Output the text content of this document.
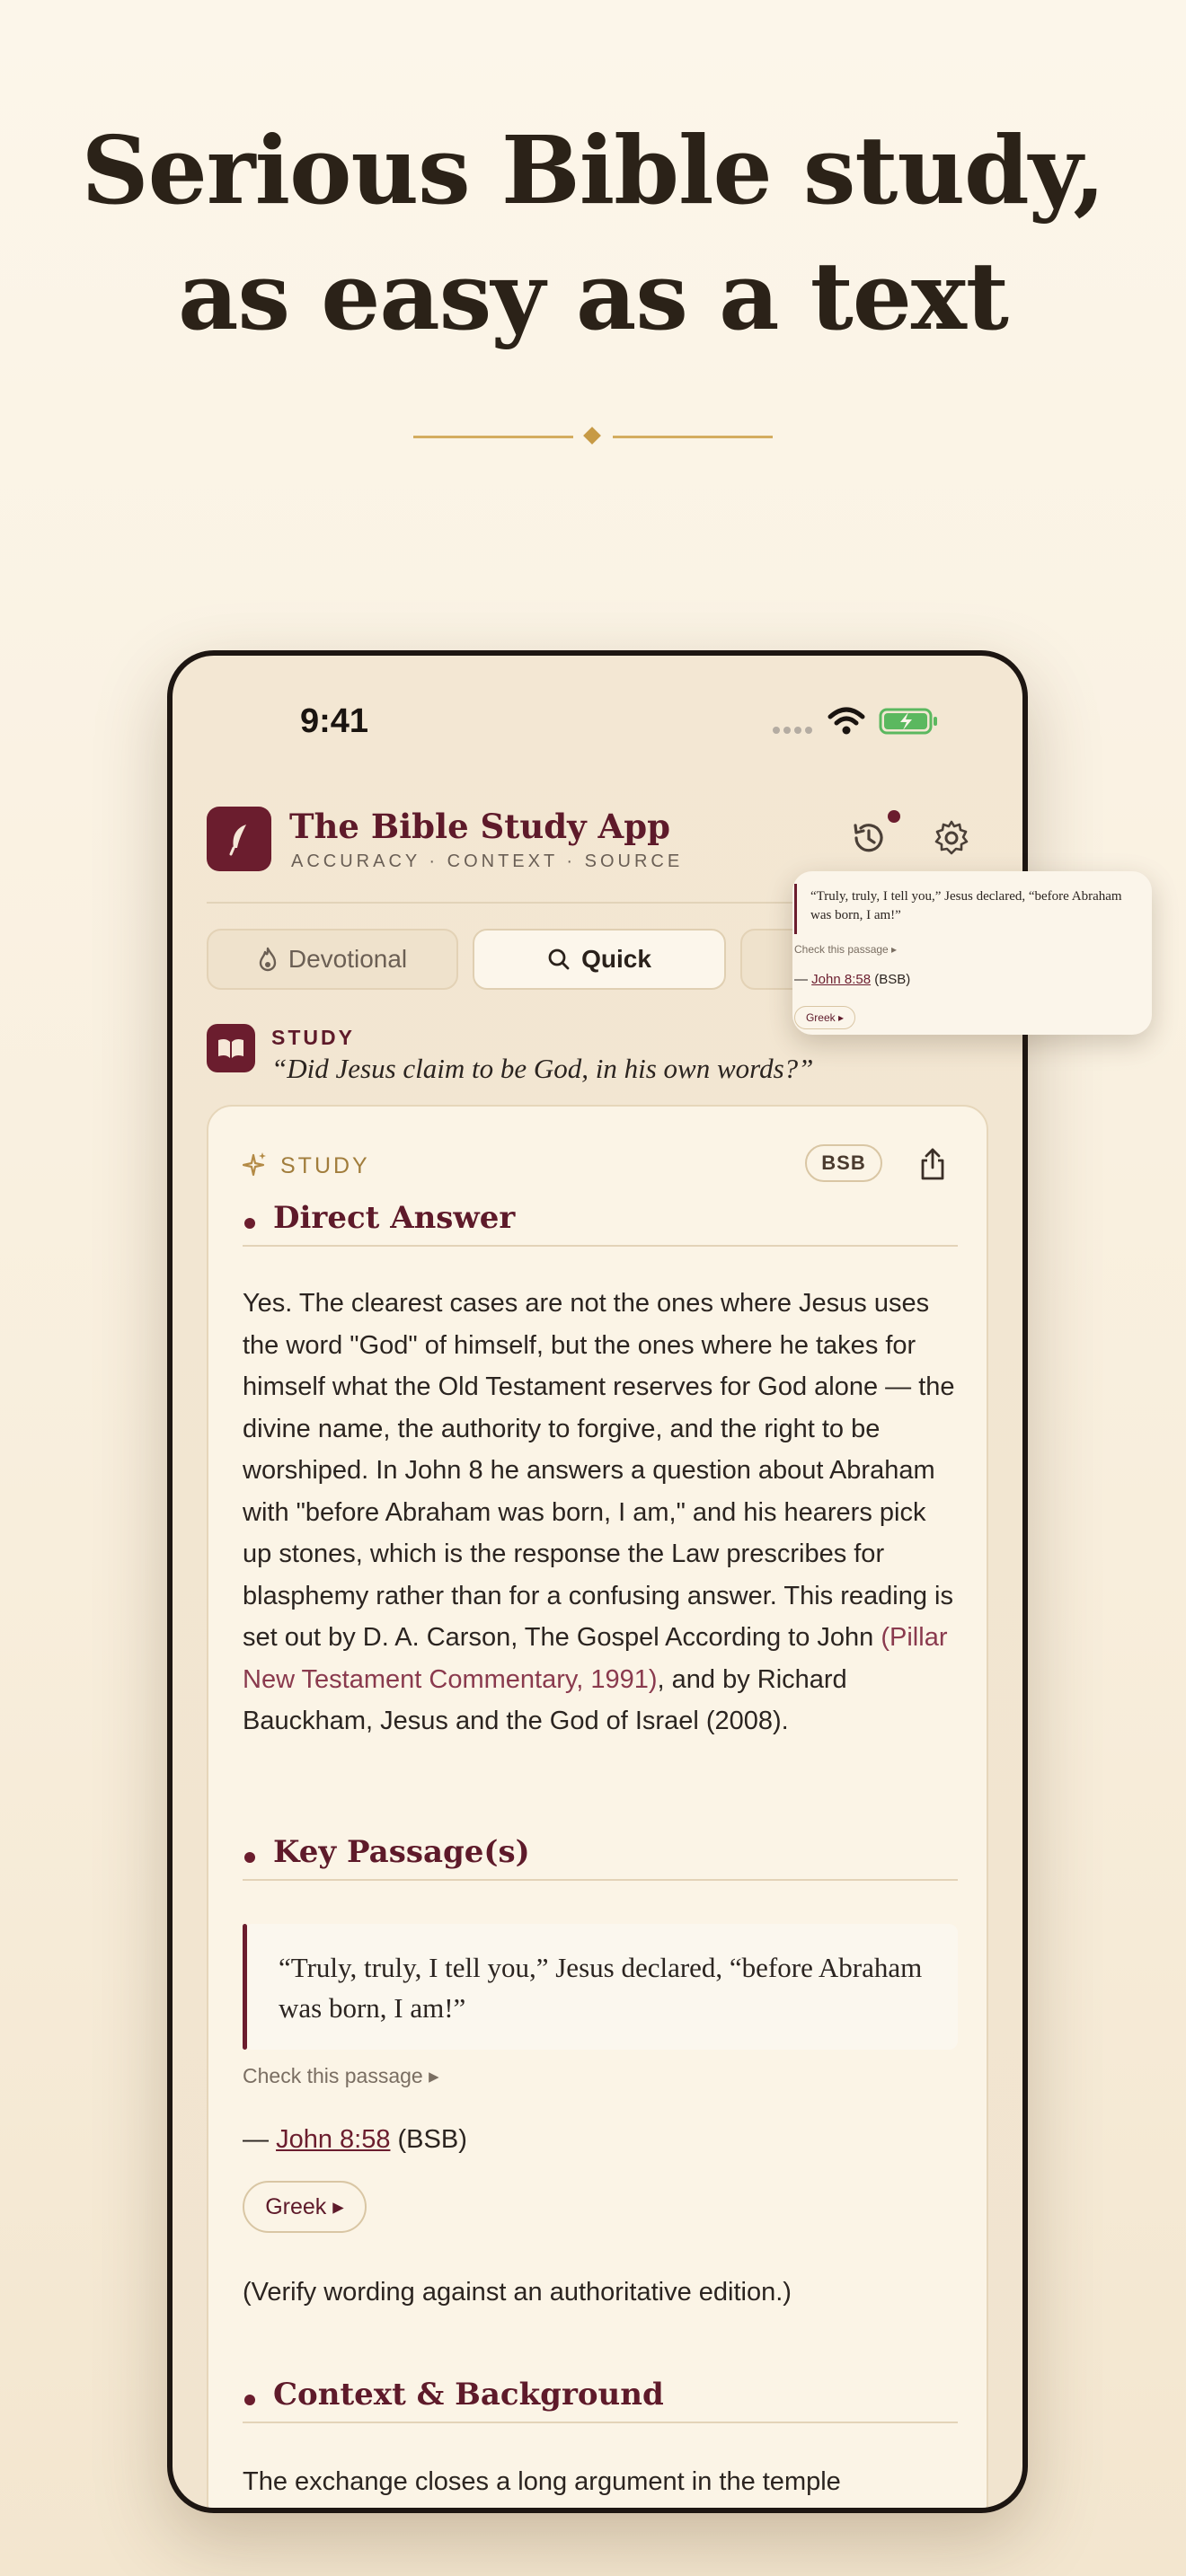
Serious Bible study,
as easy as a text
9:41
The Bible Study App
ACCURACY · CONTEXT · SOURCE
Devotional	Quick
STUDY
“Did Jesus claim to be God, in his own words?”
STUDY	BSB
Direct Answer
Yes. The clearest cases are not the ones where Jesus uses the word "God" of himself, but the ones where he takes for himself what the Old Testament reserves for God alone — the divine name, the authority to forgive, and the right to be worshiped. In John 8 he answers a question about Abraham with "before Abraham was born, I am," and his hearers pick up stones, which is the response the Law prescribes for blasphemy rather than for a confusing answer. This reading is set out by D. A. Carson, The Gospel According to John (Pillar New Testament Commentary, 1991), and by Richard Bauckham, Jesus and the God of Israel (2008).
Key Passage(s)
“Truly, truly, I tell you,” Jesus declared, “before Abraham was born, I am!”
Check this passage ▸
— John 8:58 (BSB)
Greek ▸
(Verify wording against an authoritative edition.)
Context & Background
The exchange closes a long argument in the temple
“Truly, truly, I tell you,” Jesus declared, “before Abraham was born, I am!”
Check this passage ▸
— John 8:58 (BSB)
Greek ▸
